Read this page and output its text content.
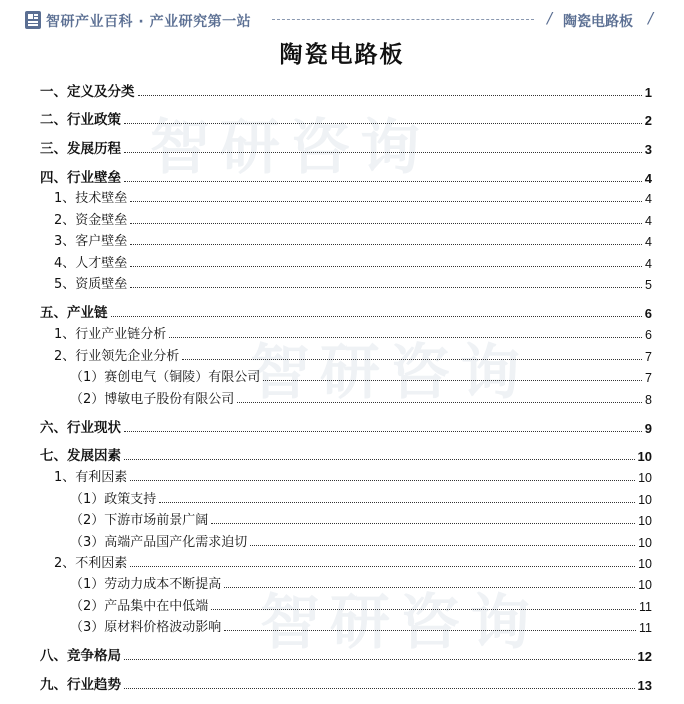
智研产业百科 · 产业研究第一站	/ 陶瓷电路板 /
陶瓷电路板
智研咨询
智研咨询
智研咨询
一、定义及分类	1
二、行业政策	2
三、发展历程	3
四、行业壁垒	4
1、技术壁垒	4
2、资金壁垒	4
3、客户壁垒	4
4、人才壁垒	4
5、资质壁垒	5
五、产业链	6
1、行业产业链分析	6
2、行业领先企业分析	7
（1）赛创电气（铜陵）有限公司	7
（2）博敏电子股份有限公司	8
六、行业现状	9
七、发展因素	10
1、有利因素	10
（1）政策支持	10
（2）下游市场前景广阔	10
（3）高端产品国产化需求迫切	10
2、不利因素	10
（1）劳动力成本不断提高	10
（2）产品集中在中低端	11
（3）原材料价格波动影响	11
八、竞争格局	12
九、行业趋势	13
